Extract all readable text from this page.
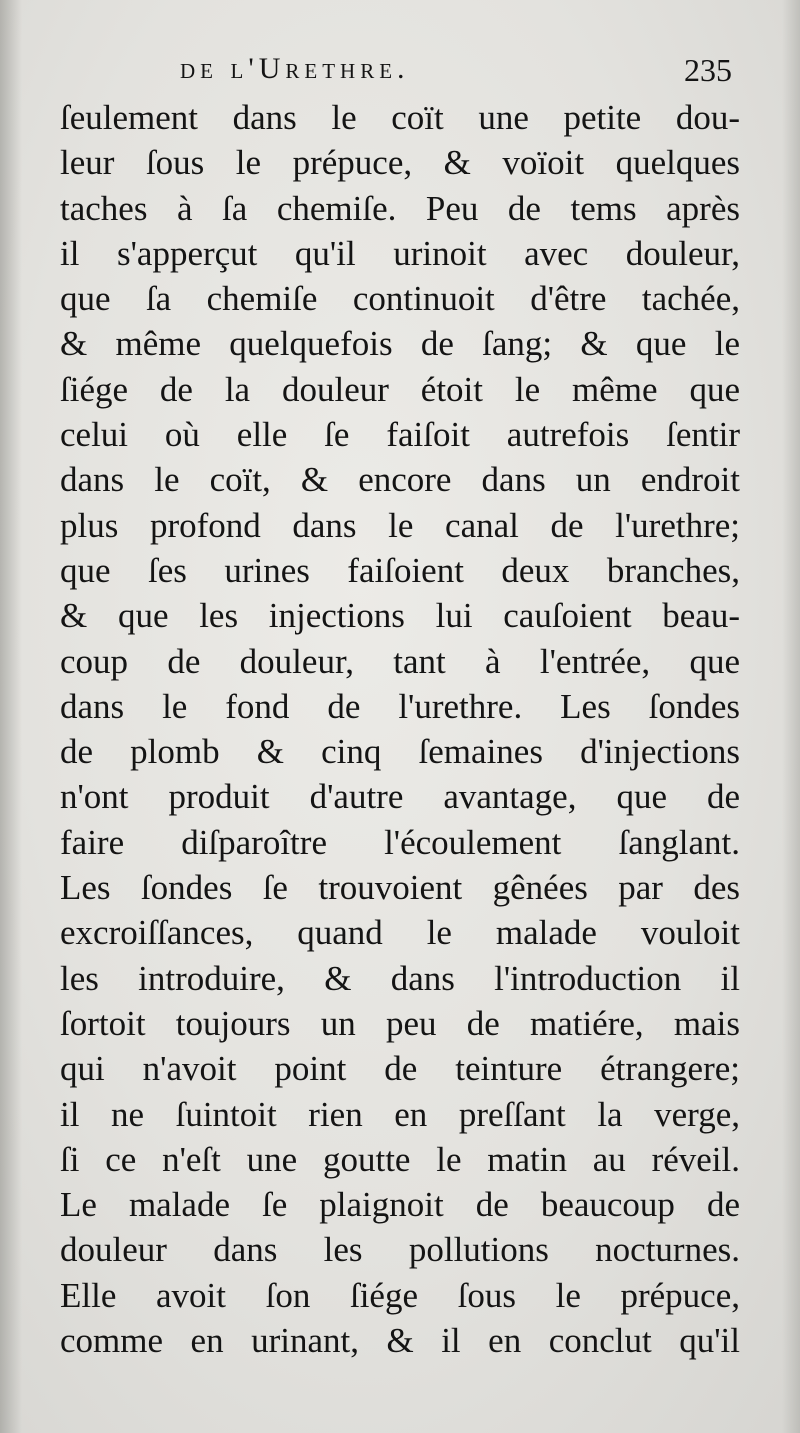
de l'Urethre.	235
ſeulement dans le coït une petite dou-
leur ſous le prépuce, & voïoit quelques
taches à ſa chemiſe. Peu de tems après
il s'apperçut qu'il urinoit avec douleur,
que ſa chemiſe continuoit d'être tachée,
& même quelquefois de ſang; & que le
ſiége de la douleur étoit le même que
celui où elle ſe faiſoit autrefois ſentir
dans le coït, & encore dans un endroit
plus profond dans le canal de l'urethre;
que ſes urines faiſoient deux branches,
& que les injections lui cauſoient beau-
coup de douleur, tant à l'entrée, que
dans le fond de l'urethre. Les ſondes
de plomb & cinq ſemaines d'injections
n'ont produit d'autre avantage, que de
faire diſparoître l'écoulement ſanglant.
Les ſondes ſe trouvoient gênées par des
excroiſſances, quand le malade vouloit
les introduire, & dans l'introduction il
ſortoit toujours un peu de matiére, mais
qui n'avoit point de teinture étrangere;
il ne ſuintoit rien en preſſant la verge,
ſi ce n'eſt une goutte le matin au réveil.
Le malade ſe plaignoit de beaucoup de
douleur dans les pollutions nocturnes.
Elle avoit ſon ſiége ſous le prépuce,
comme en urinant, & il en conclut qu'il
